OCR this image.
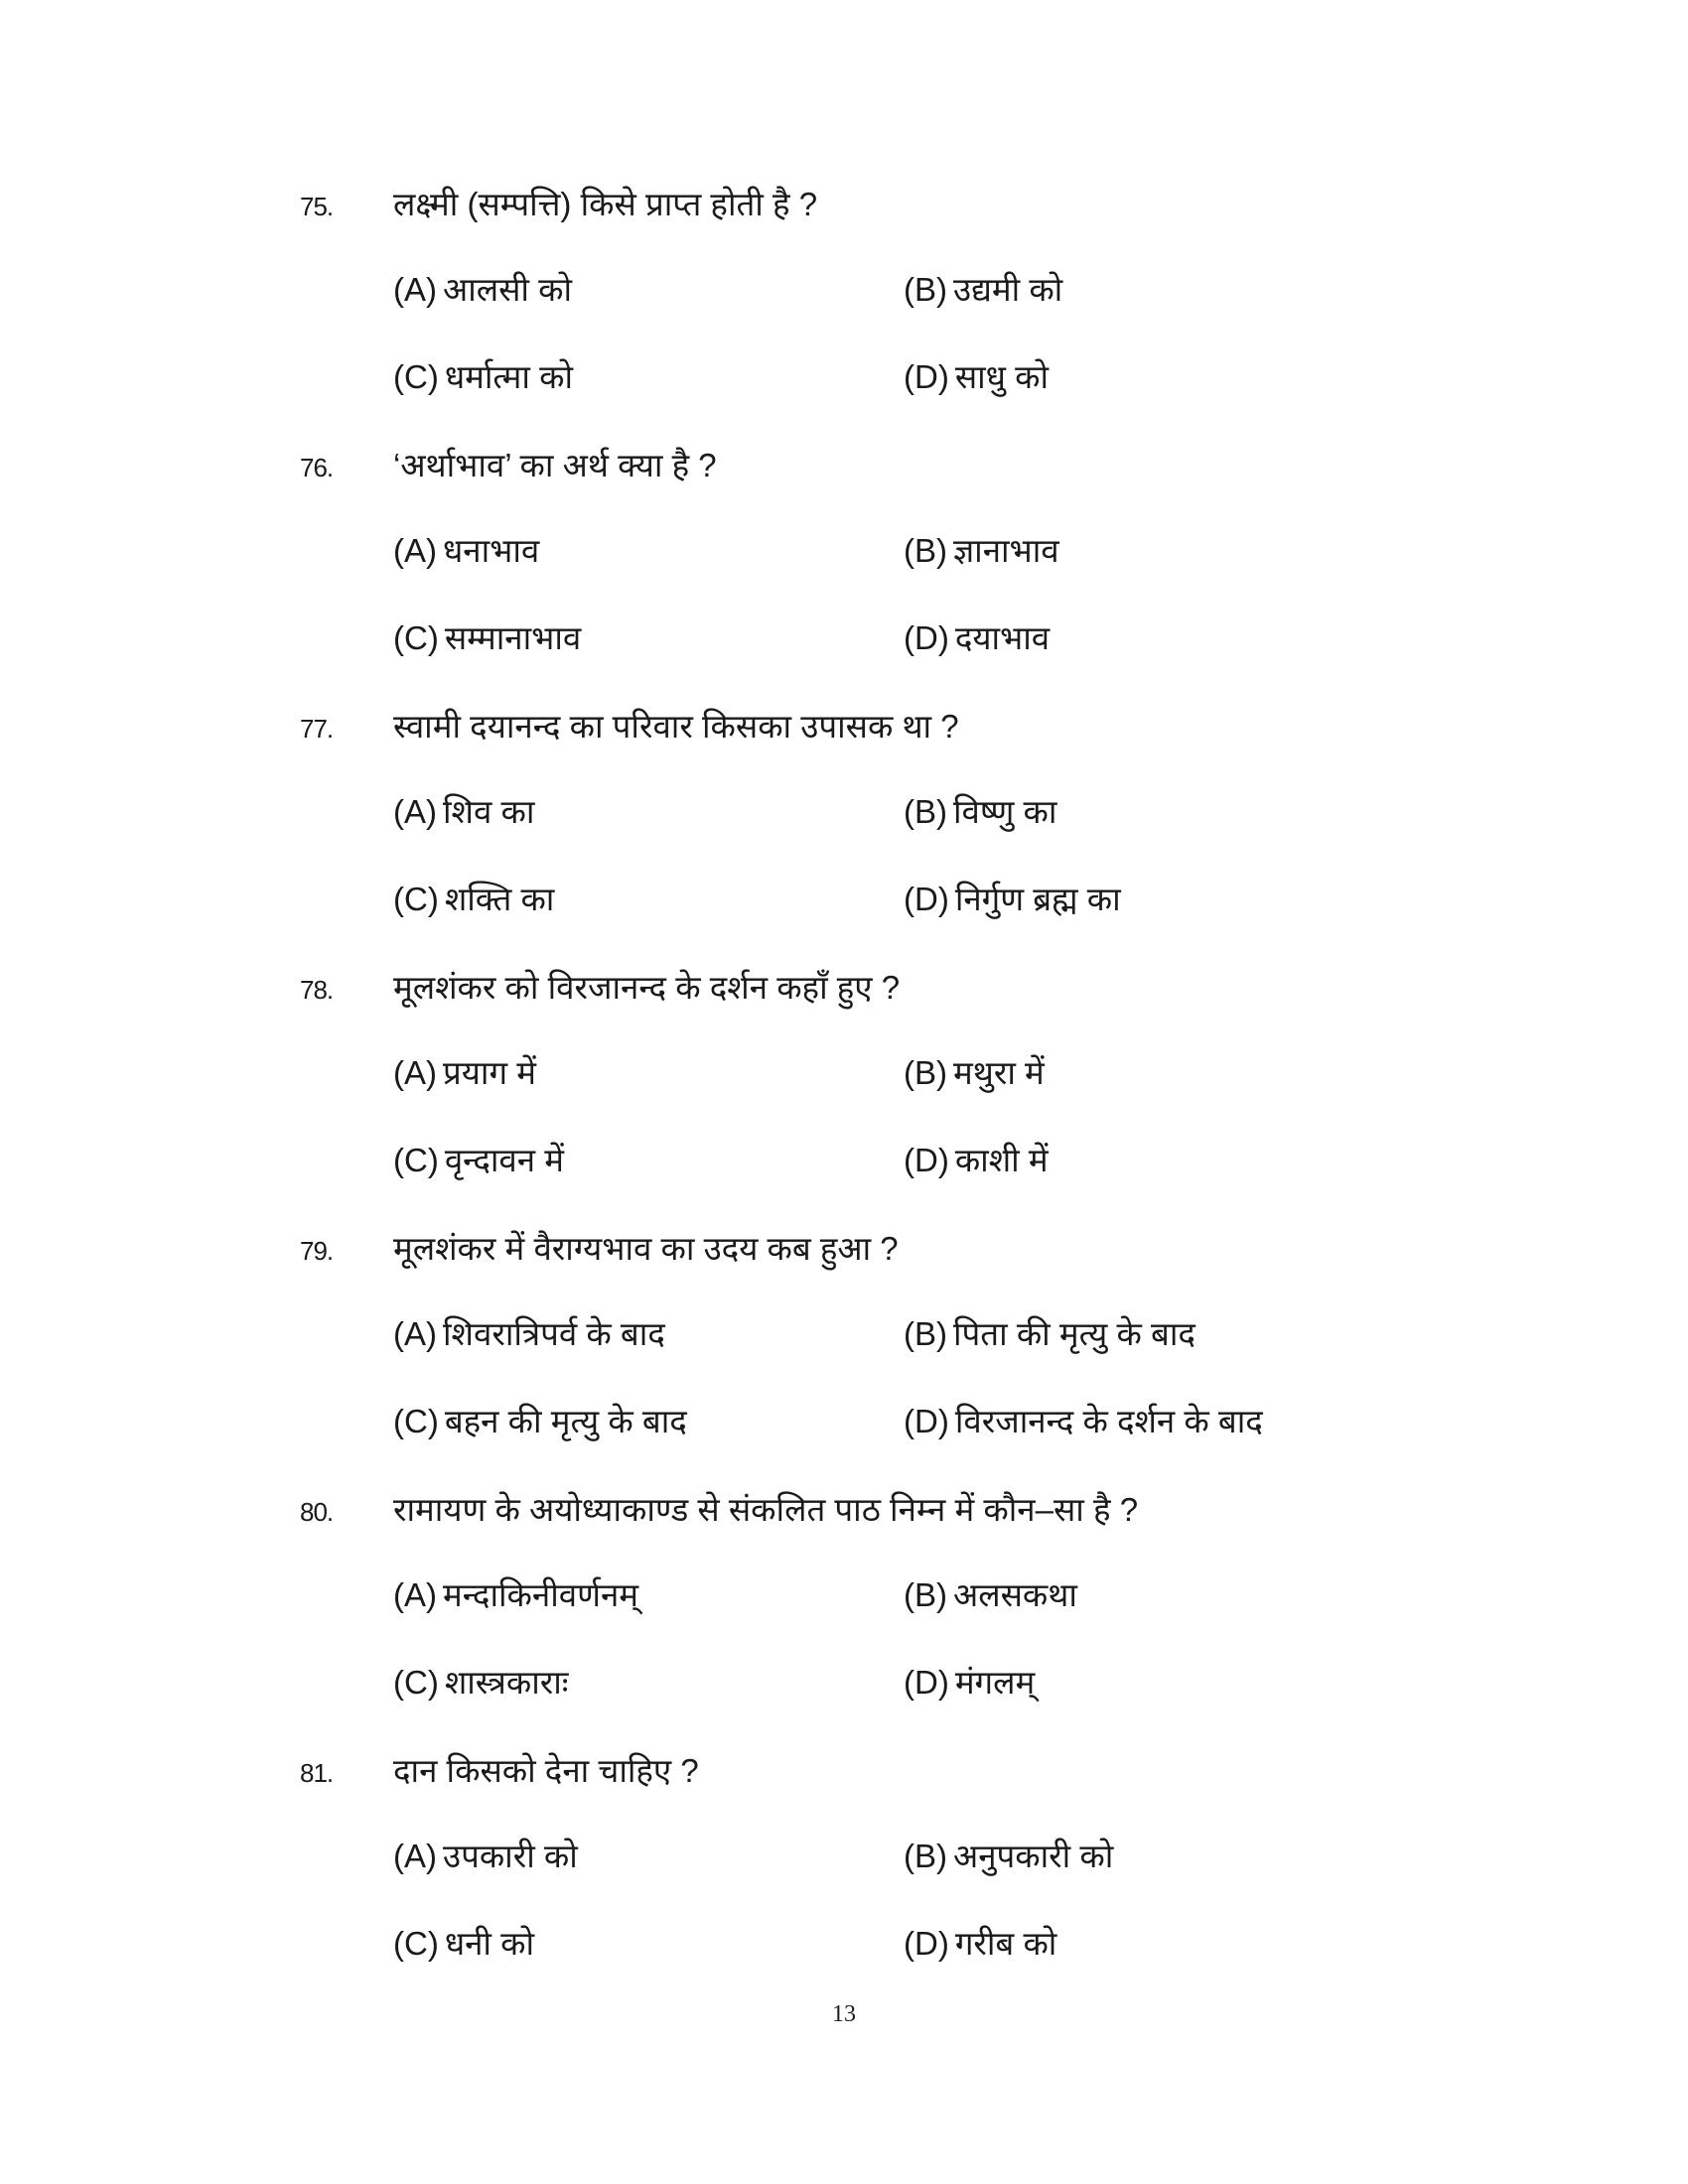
75. लक्ष्मी (सम्पत्ति) किसे प्राप्त होती है ?
(A) आलसी को	(B) उद्यमी को
(C) धर्मात्मा को	(D) साधु को
76. ‘अर्थाभाव’ का अर्थ क्या है ?
(A) धनाभाव	(B) ज्ञानाभाव
(C) सम्मानाभाव	(D) दयाभाव
77. स्वामी दयानन्द का परिवार किसका उपासक था ?
(A) शिव का	(B) विष्णु का
(C) शक्ति का	(D) निर्गुण ब्रह्म का
78. मूलशंकर को विरजानन्द के दर्शन कहाँ हुए ?
(A) प्रयाग में	(B) मथुरा में
(C) वृन्दावन में	(D) काशी में
79. मूलशंकर में वैराग्यभाव का उदय कब हुआ ?
(A) शिवरात्रिपर्व के बाद	(B) पिता की मृत्यु के बाद
(C) बहन की मृत्यु के बाद	(D) विरजानन्द के दर्शन के बाद
80. रामायण के अयोध्याकाण्ड से संकलित पाठ निम्न में कौन–सा है ?
(A) मन्दाकिनीवर्णनम्	(B) अलसकथा
(C) शास्त्रकाराः	(D) मंगलम्
81. दान किसको देना चाहिए ?
(A) उपकारी को	(B) अनुपकारी को
(C) धनी को	(D) गरीब को
13
